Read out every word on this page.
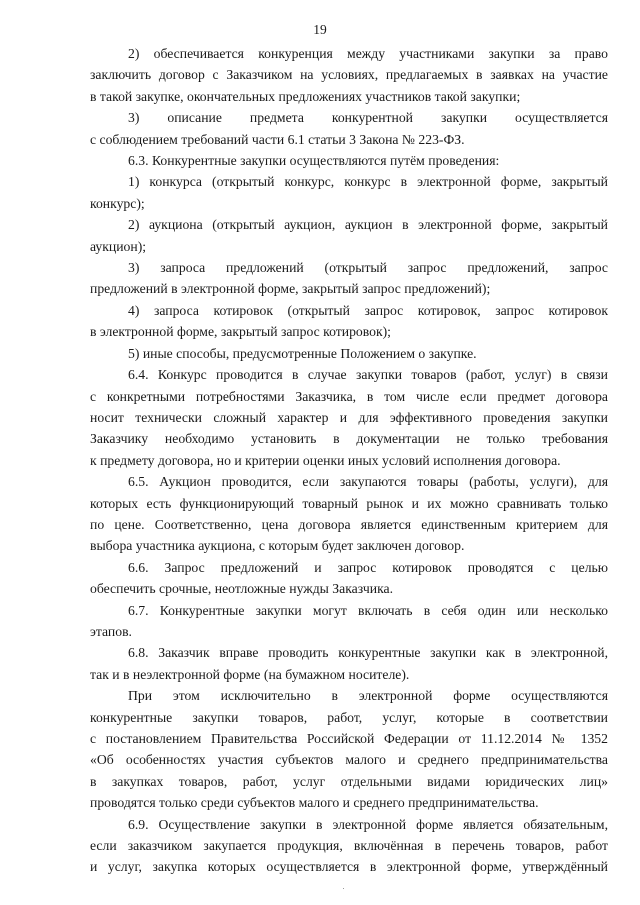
19

2) обеспечивается конкуренция между участниками закупки за право
заключить договор с Заказчиком на условиях, предлагаемых в заявках на участие
в такой закупке, окончательных предложениях участников такой закупки;

3) описание предмета конкурентной закупки осуществляется
с соблюдением требований части 6.1 статьи 3 Закона № 223-ФЗ.

6.3. Конкурентные закупки осуществляются путём проведения:

1) конкурса (открытый конкурс, конкурс в электронной форме, закрытый
конкурс);

2) аукциона (открытый аукцион, аукцион в электронной форме, закрытый
аукцион);

3) запроса предложений (открытый запрос предложений, запрос
предложений в электронной форме, закрытый запрос предложений);

4) запроса котировок (открытый запрос котировок, запрос котировок
в электронной форме, закрытый запрос котировок);

5) иные способы, предусмотренные Положением о закупке.

6.4. Конкурс проводится в случае закупки товаров (работ, услуг) в связи
с конкретными потребностями Заказчика, в том числе если предмет договора
носит технически сложный характер и для эффективного проведения закупки
Заказчику необходимо установить в документации не только требования
к предмету договора, но и критерии оценки иных условий исполнения договора.

6.5. Аукцион проводится, если закупаются товары (работы, услуги), для
которых есть функционирующий товарный рынок и их можно сравнивать только
по цене. Соответственно, цена договора является единственным критерием для
выбора участника аукциона, с которым будет заключен договор.

6.6. Запрос предложений и запрос котировок проводятся с целью
обеспечить срочные, неотложные нужды Заказчика.

6.7. Конкурентные закупки могут включать в себя один или несколько
этапов.

6.8. Заказчик вправе проводить конкурентные закупки как в электронной,
так и в неэлектронной форме (на бумажном носителе).

При этом исключительно в электронной форме осуществляются
конкурентные закупки товаров, работ, услуг, которые в соответствии
с постановлением Правительства Российской Федерации от 11.12.2014 № 1352
«Об особенностях участия субъектов малого и среднего предпринимательства
в закупках товаров, работ, услуг отдельными видами юридических лиц»
проводятся только среди субъектов малого и среднего предпринимательства.

6.9. Осуществление закупки в электронной форме является обязательным,
если заказчиком закупается продукция, включённая в перечень товаров, работ
и услуг, закупка которых осуществляется в электронной форме, утверждённый
